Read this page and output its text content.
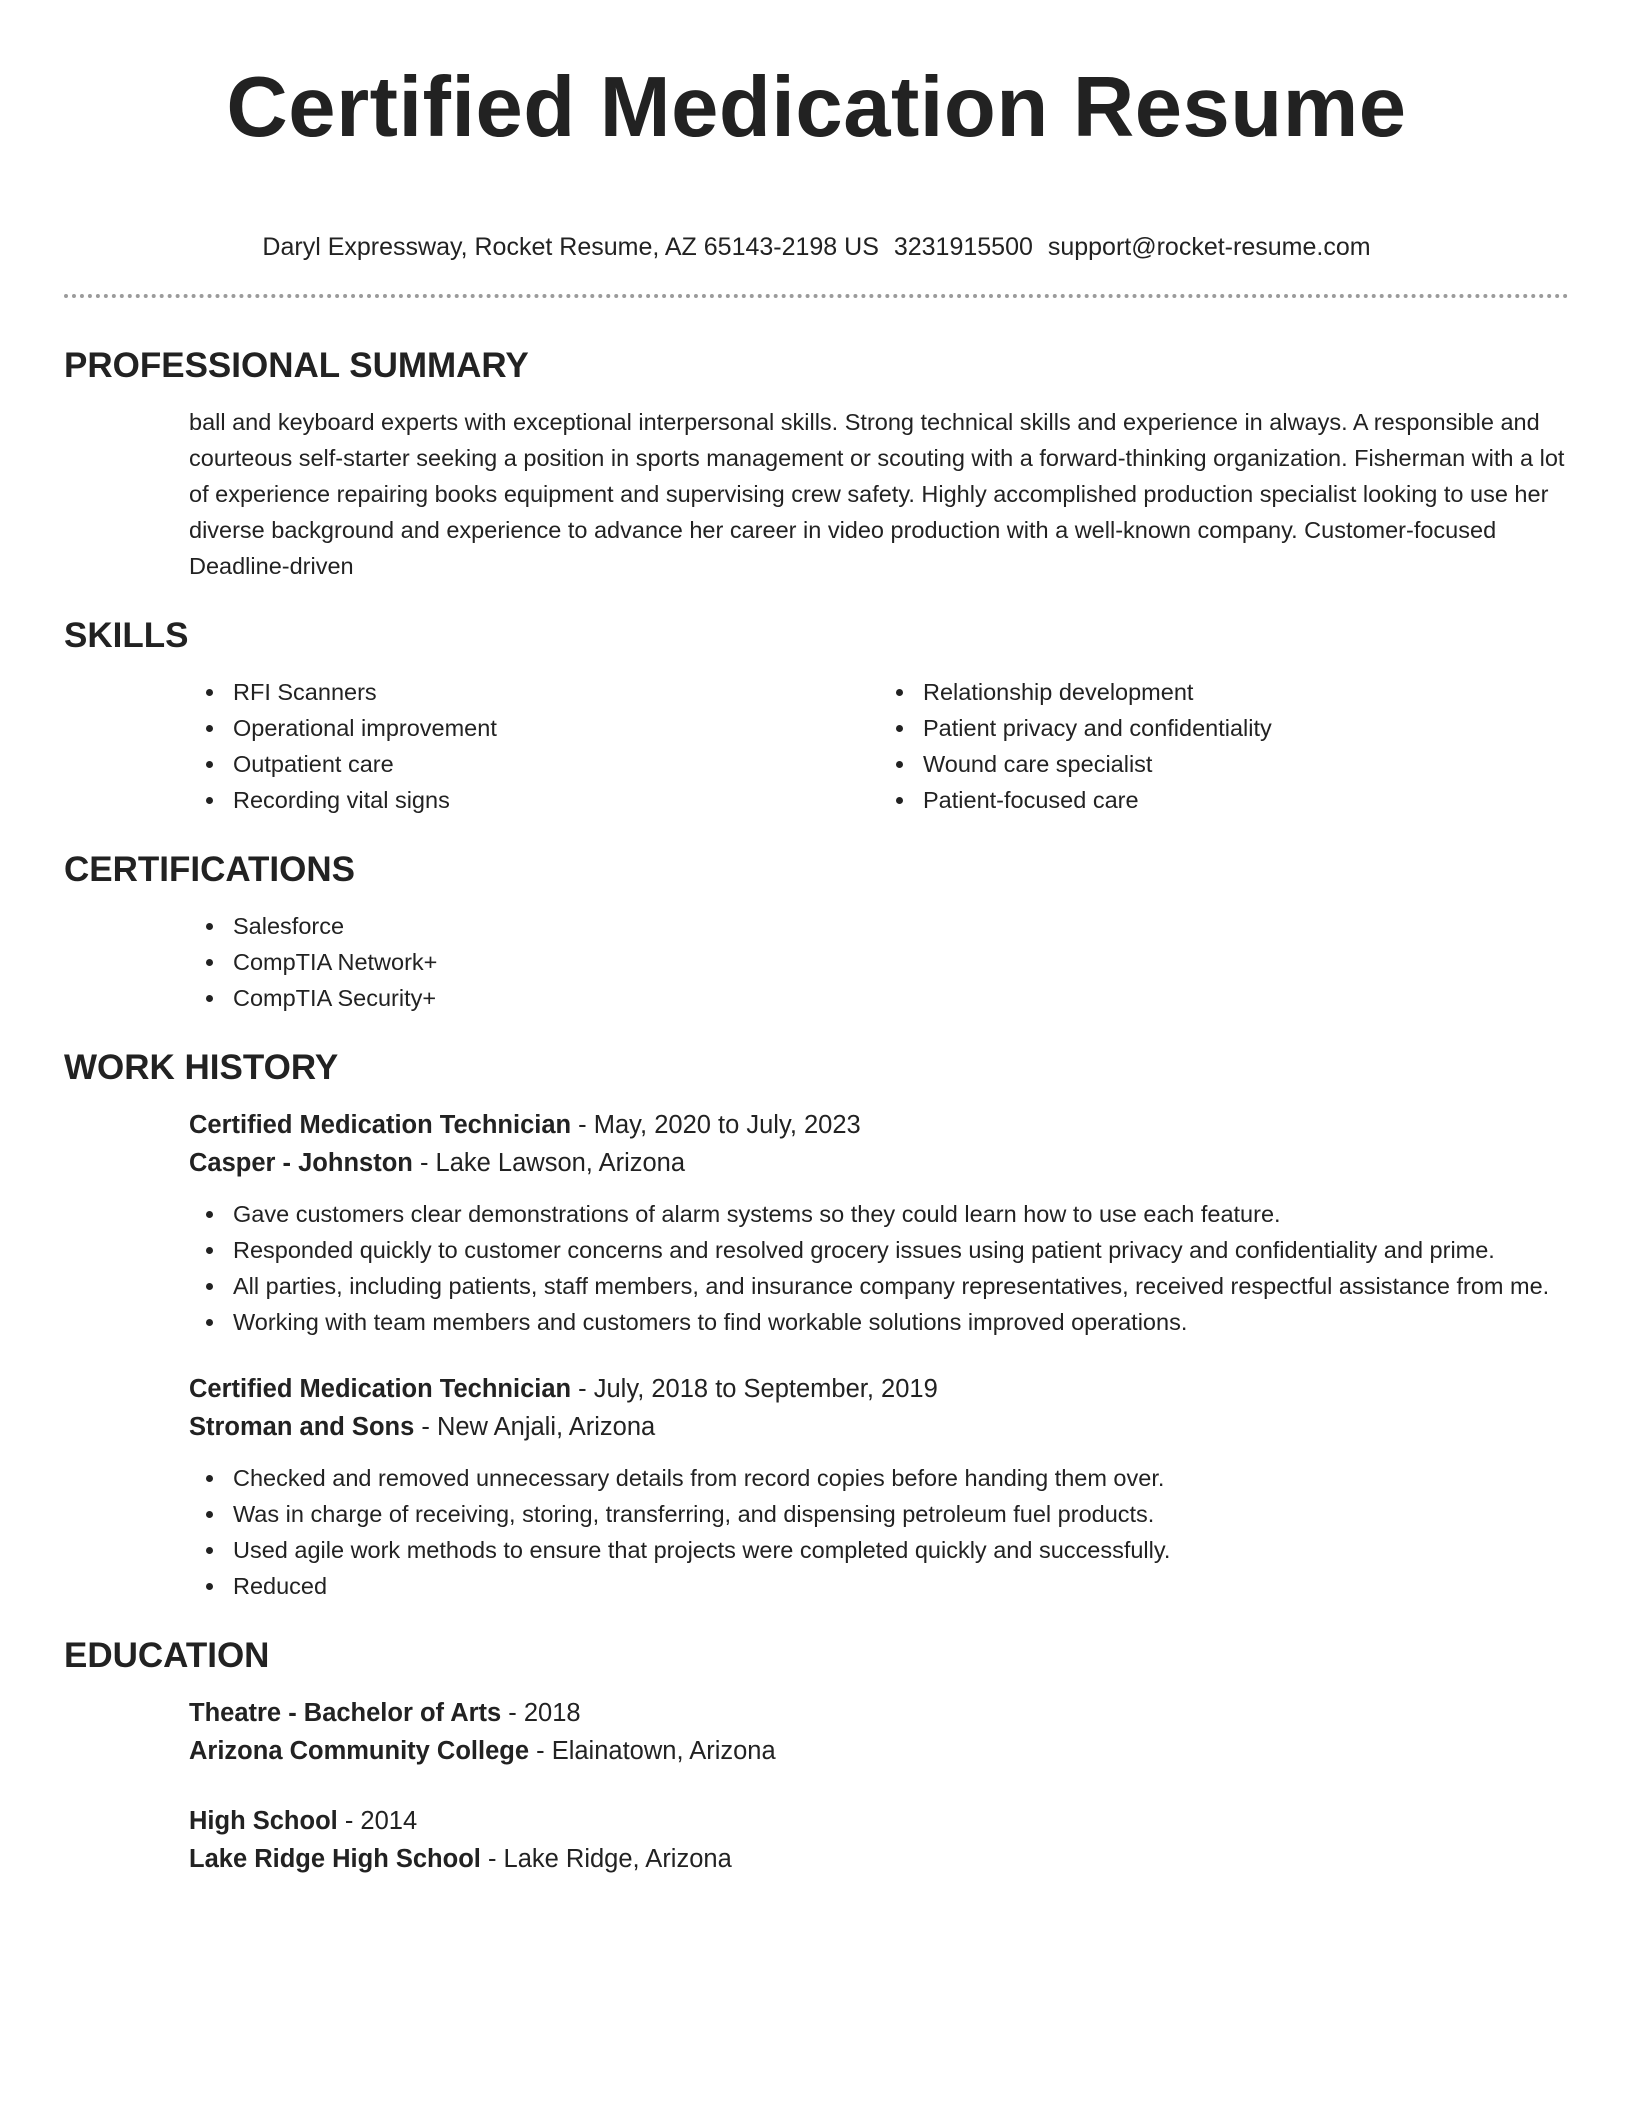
Certified Medication Resume
Daryl Expressway, Rocket Resume, AZ 65143-2198 US 3231915500 support@rocket-resume.com
PROFESSIONAL SUMMARY

ball and keyboard experts with exceptional interpersonal skills. Strong technical skills and experience in always. A responsible and courteous self-starter seeking a position in sports management or scouting with a forward-thinking organization. Fisherman with a lot of experience repairing books equipment and supervising crew safety. Highly accomplished production specialist looking to use her diverse background and experience to advance her career in video production with a well-known company. Customer-focused Deadline-driven

SKILLS
RFI Scanners
Operational improvement
Outpatient care
Recording vital signs
Relationship development
Patient privacy and confidentiality
Wound care specialist
Patient-focused care
CERTIFICATIONS
Salesforce
CompTIA Network+
CompTIA Security+
WORK HISTORY
Certified Medication Technician - May, 2020 to July, 2023
Casper - Johnston - Lake Lawson, Arizona
Gave customers clear demonstrations of alarm systems so they could learn how to use each feature.
Responded quickly to customer concerns and resolved grocery issues using patient privacy and confidentiality and prime.
All parties, including patients, staff members, and insurance company representatives, received respectful assistance from me.
Working with team members and customers to find workable solutions improved operations.
Certified Medication Technician - July, 2018 to September, 2019
Stroman and Sons - New Anjali, Arizona
Checked and removed unnecessary details from record copies before handing them over.
Was in charge of receiving, storing, transferring, and dispensing petroleum fuel products.
Used agile work methods to ensure that projects were completed quickly and successfully.
Reduced
EDUCATION
Theatre - Bachelor of Arts - 2018
Arizona Community College - Elainatown, Arizona
High School - 2014
Lake Ridge High School - Lake Ridge, Arizona
